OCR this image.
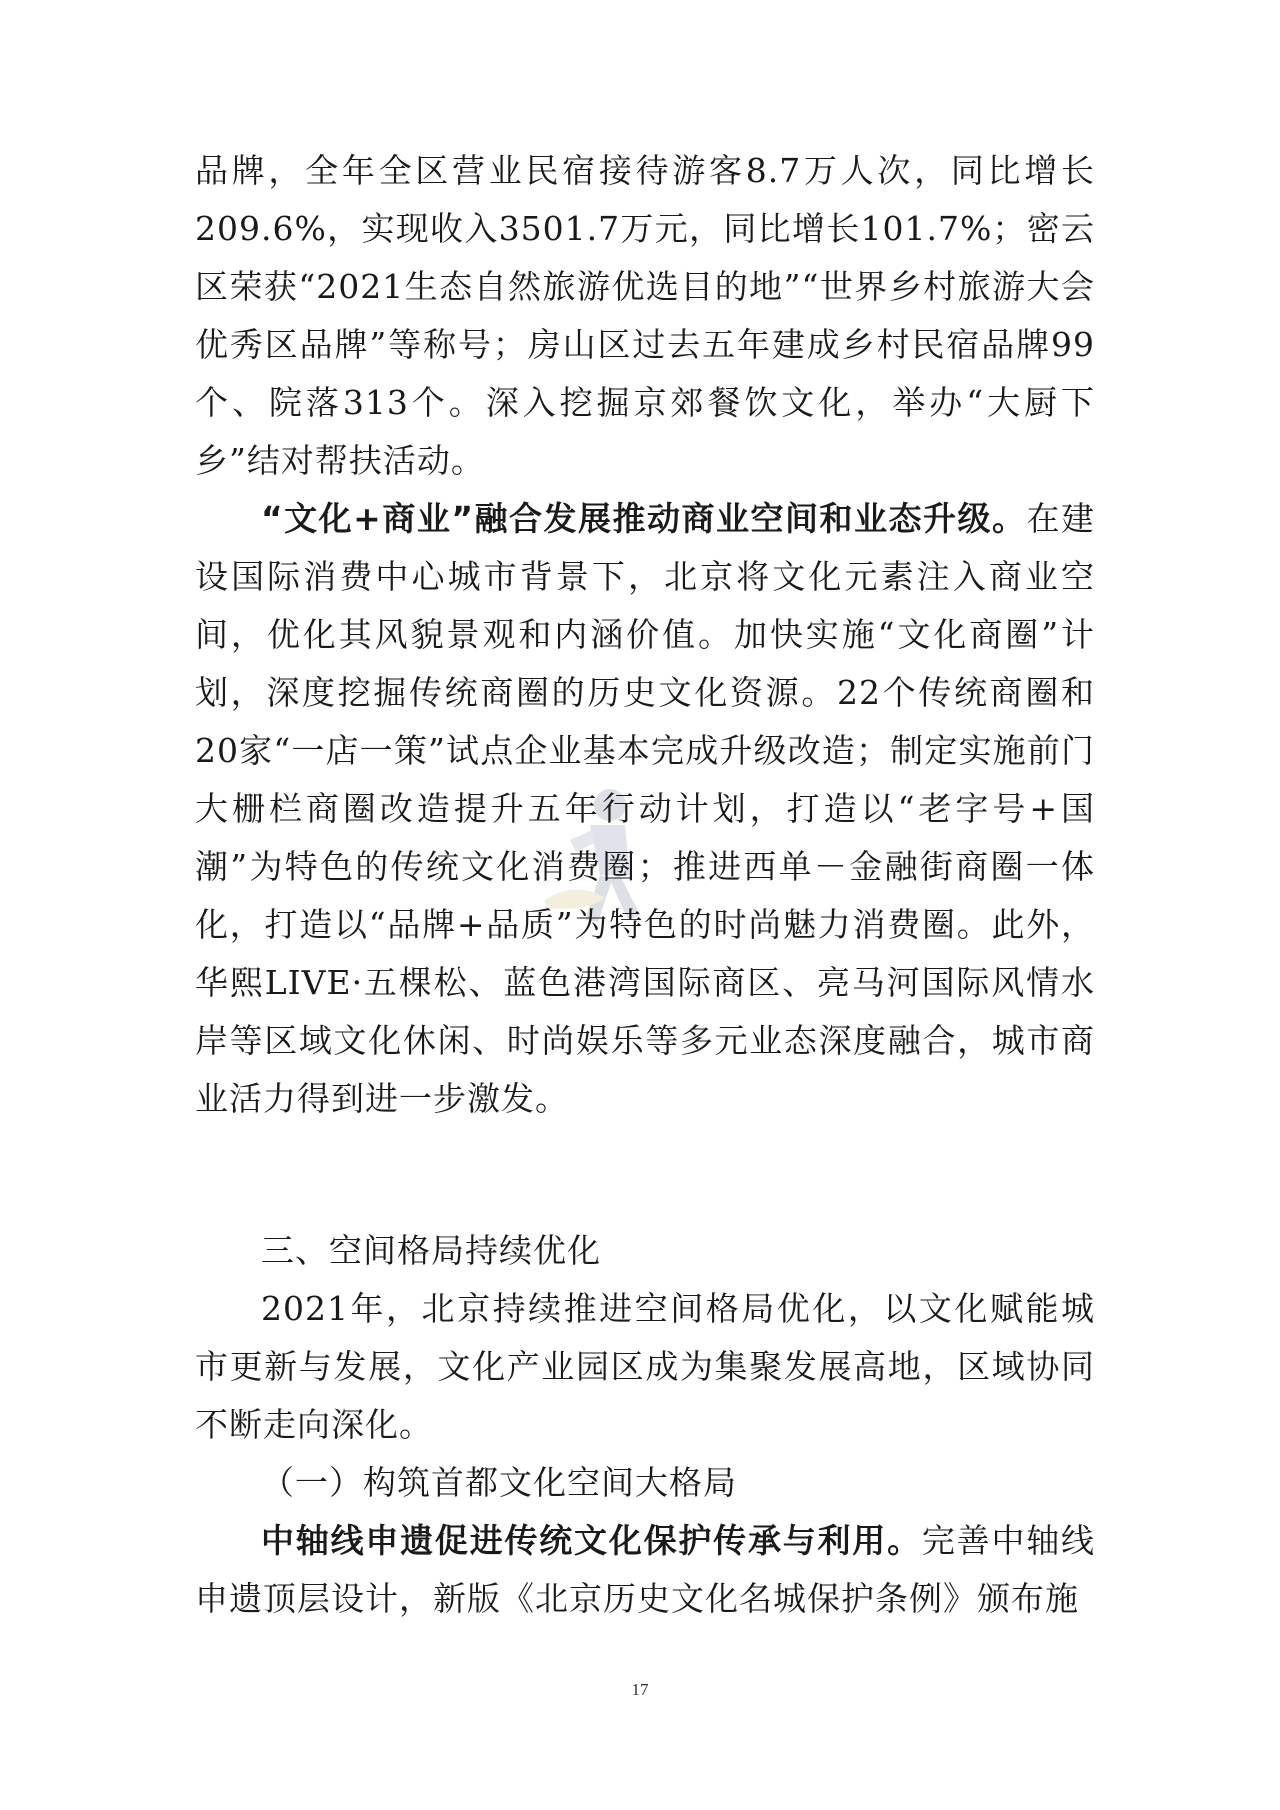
品牌，全年全区营业民宿接待游客8.7万人次，同比增长209.6%，实现收入3501.7万元，同比增长101.7%；密云区荣获“2021生态自然旅游优选目的地”“世界乡村旅游大会优秀区品牌”等称号；房山区过去五年建成乡村民宿品牌99个、院落313个。深入挖掘京郊餐饮文化，举办“大厨下乡”结对帮扶活动。

“文化+商业”融合发展推动商业空间和业态升级。在建设国际消费中心城市背景下，北京将文化元素注入商业空间，优化其风貌景观和内涵价值。加快实施“文化商圈”计划，深度挖掘传统商圈的历史文化资源。22个传统商圈和20家“一店一策”试点企业基本完成升级改造；制定实施前门大栅栏商圈改造提升五年行动计划，打造以“老字号+国潮”为特色的传统文化消费圈；推进西单－金融街商圈一体化，打造以“品牌+品质”为特色的时尚魅力消费圈。此外，华熙LIVE·五棵松、蓝色港湾国际商区、亮马河国际风情水岸等区域文化休闲、时尚娱乐等多元业态深度融合，城市商业活力得到进一步激发。

三、空间格局持续优化

2021年，北京持续推进空间格局优化，以文化赋能城市更新与发展，文化产业园区成为集聚发展高地，区域协同不断走向深化。

（一）构筑首都文化空间大格局

中轴线申遗促进传统文化保护传承与利用。完善中轴线申遗顶层设计，新版《北京历史文化名城保护条例》颁布施

17
